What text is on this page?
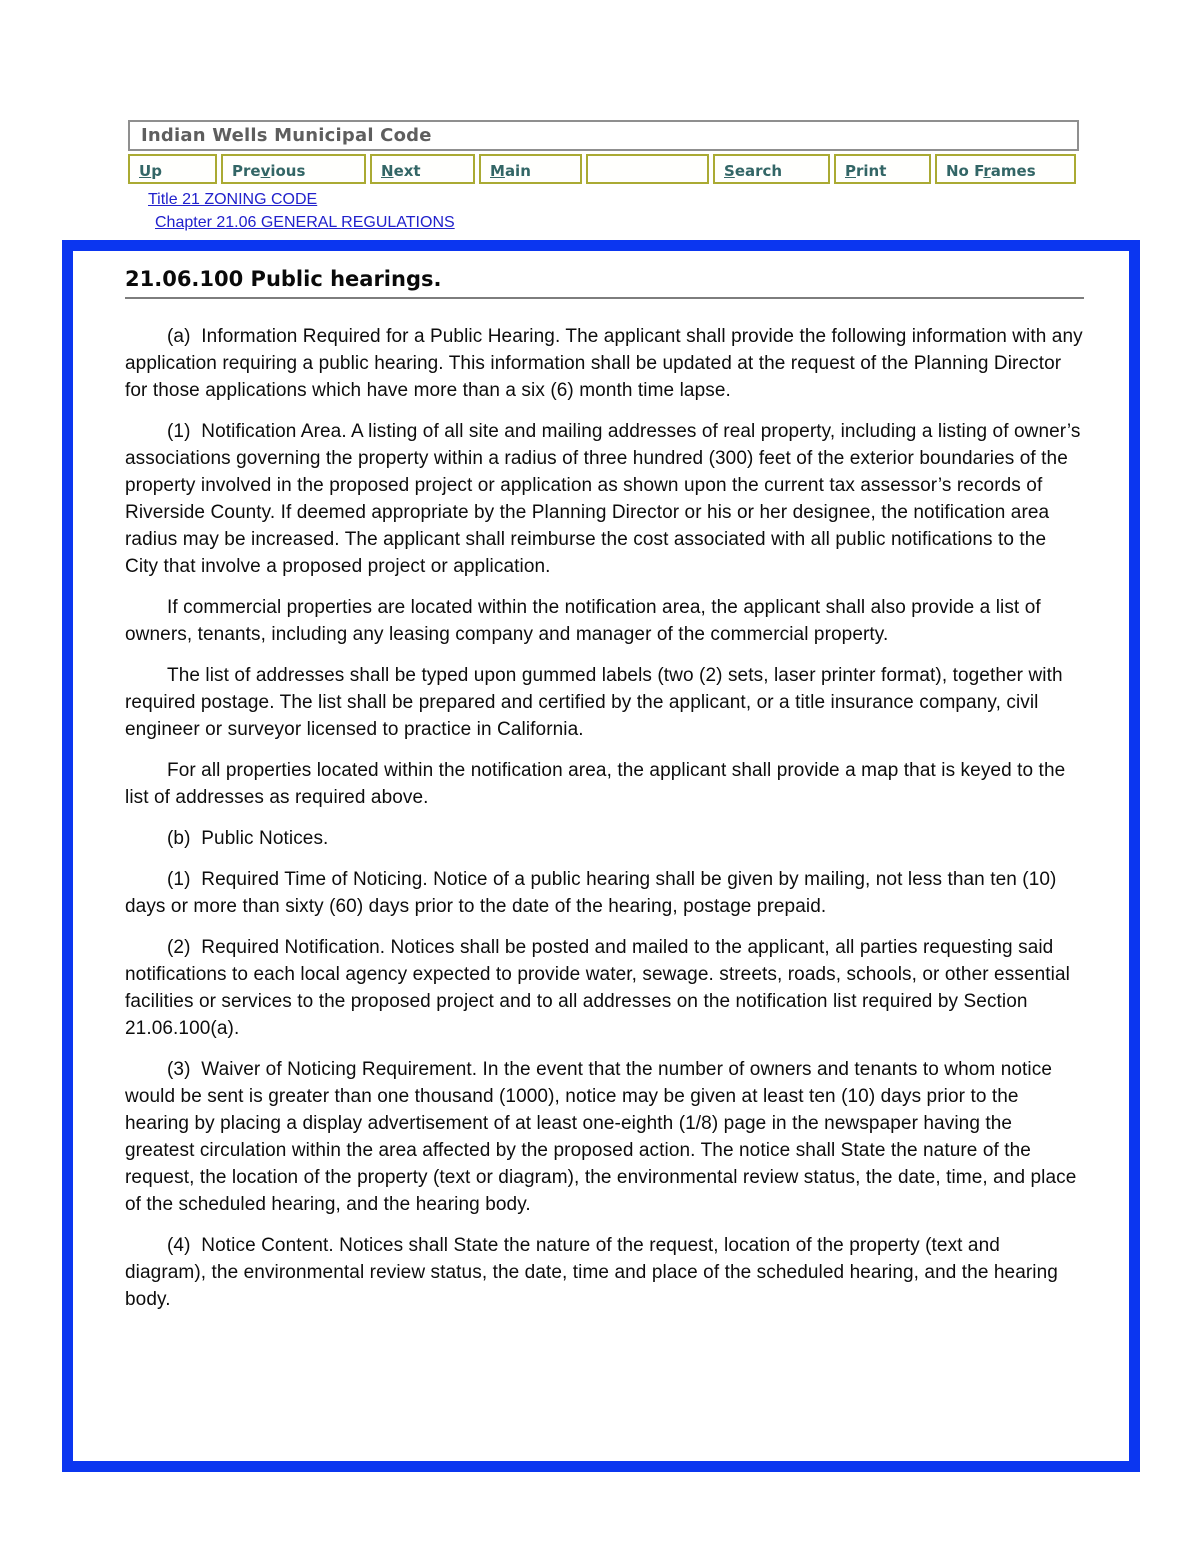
Indian Wells Municipal Code
Up	Previous	Next	Main	Search	Print	No Frames
Title 21 ZONING CODE
Chapter 21.06 GENERAL REGULATIONS
21.06.100 Public hearings.

(a)  Information Required for a Public Hearing. The applicant shall provide the following information with any application requiring a public hearing. This information shall be updated at the request of the Planning Director for those applications which have more than a six (6) month time lapse.

(1)  Notification Area. A listing of all site and mailing addresses of real property, including a listing of owner’s associations governing the property within a radius of three hundred (300) feet of the exterior boundaries of the property involved in the proposed project or application as shown upon the current tax assessor’s records of Riverside County. If deemed appropriate by the Planning Director or his or her designee, the notification area radius may be increased. The applicant shall reimburse the cost associated with all public notifications to the City that involve a proposed project or application.

If commercial properties are located within the notification area, the applicant shall also provide a list of owners, tenants, including any leasing company and manager of the commercial property.

The list of addresses shall be typed upon gummed labels (two (2) sets, laser printer format), together with required postage. The list shall be prepared and certified by the applicant, or a title insurance company, civil engineer or surveyor licensed to practice in California.

For all properties located within the notification area, the applicant shall provide a map that is keyed to the list of addresses as required above.

(b)  Public Notices.

(1)  Required Time of Noticing. Notice of a public hearing shall be given by mailing, not less than ten (10) days or more than sixty (60) days prior to the date of the hearing, postage prepaid.

(2)  Required Notification. Notices shall be posted and mailed to the applicant, all parties requesting said notifications to each local agency expected to provide water, sewage. streets, roads, schools, or other essential facilities or services to the proposed project and to all addresses on the notification list required by Section 21.06.100(a).

(3)  Waiver of Noticing Requirement. In the event that the number of owners and tenants to whom notice would be sent is greater than one thousand (1000), notice may be given at least ten (10) days prior to the hearing by placing a display advertisement of at least one-eighth (1/8) page in the newspaper having the greatest circulation within the area affected by the proposed action. The notice shall State the nature of the request, the location of the property (text or diagram), the environmental review status, the date, time, and place of the scheduled hearing, and the hearing body.

(4)  Notice Content. Notices shall State the nature of the request, location of the property (text and diagram), the environmental review status, the date, time and place of the scheduled hearing, and the hearing body.
